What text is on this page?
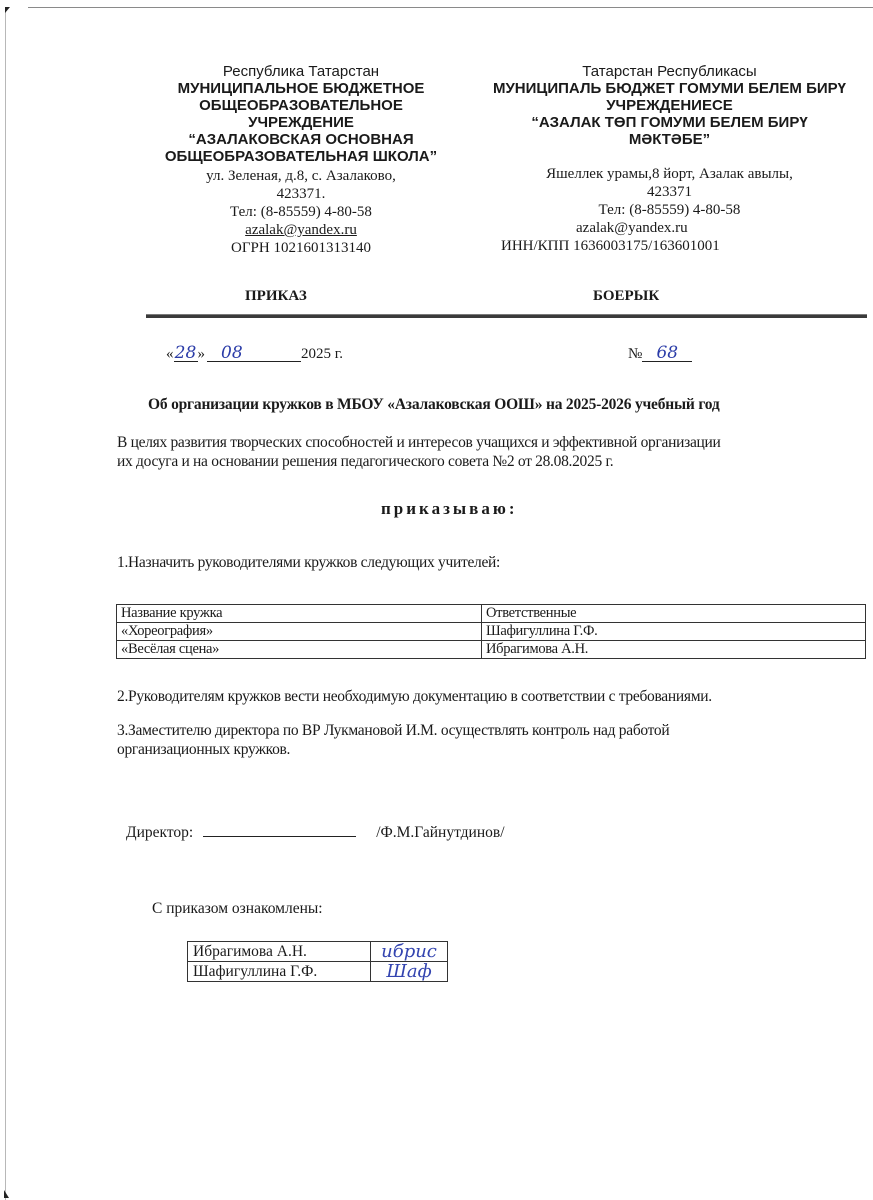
Республика Татарстан
МУНИЦИПАЛЬНОЕ БЮДЖЕТНОЕ
ОБЩЕОБРАЗОВАТЕЛЬНОЕ
УЧРЕЖДЕНИЕ
“АЗАЛАКОВСКАЯ ОСНОВНАЯ
ОБЩЕОБРАЗОВАТЕЛЬНАЯ ШКОЛА”
ул. Зеленая, д.8, с. Азалаково,
423371.
Тел: (8-85559) 4-80-58
azalak@yandex.ru
ОГРН 1021601313140
ПРИКАЗ
Татарстан Республикасы
МУНИЦИПАЛЬ БЮДЖЕТ ГОМУМИ БЕЛЕМ БИРҮ
УЧРЕЖДЕНИЕСЕ
“АЗАЛАК ТӨП ГОМУМИ БЕЛЕМ БИРҮ
МӘКТӘБЕ”
Яшеллек урамы,8 йорт, Азалак авылы,
423371
Тел: (8-85559) 4-80-58
azalak@yandex.ru
ИНН/КПП 1636003175/163601001
БОЕРЫК
«28» 08	2025 г.	№ 68
Об организации кружков в МБОУ «Азалаковская ООШ» на 2025-2026 учебный год
В целях развития творческих способностей и интересов учащихся и эффективной организации
их досуга и на основании решения педагогического совета №2 от 28.08.2025 г.
приказываю:
1.Назначить руководителями кружков следующих учителей:
Название кружка	Ответственные
«Хореография»	Шафигуллина Г.Ф.
«Весёлая сцена»	Ибрагимова А.Н.
2.Руководителям кружков вести необходимую документацию в соответствии с требованиями.
3.Заместителю директора по ВР Лукмановой И.М. осуществлять контроль над работой
организационных кружков.
Директор:	/Ф.М.Гайнутдинов/
С приказом ознакомлены:
Ибрагимова А.Н.	ибрис

Шафигуллина Г.Ф.	Шаф
